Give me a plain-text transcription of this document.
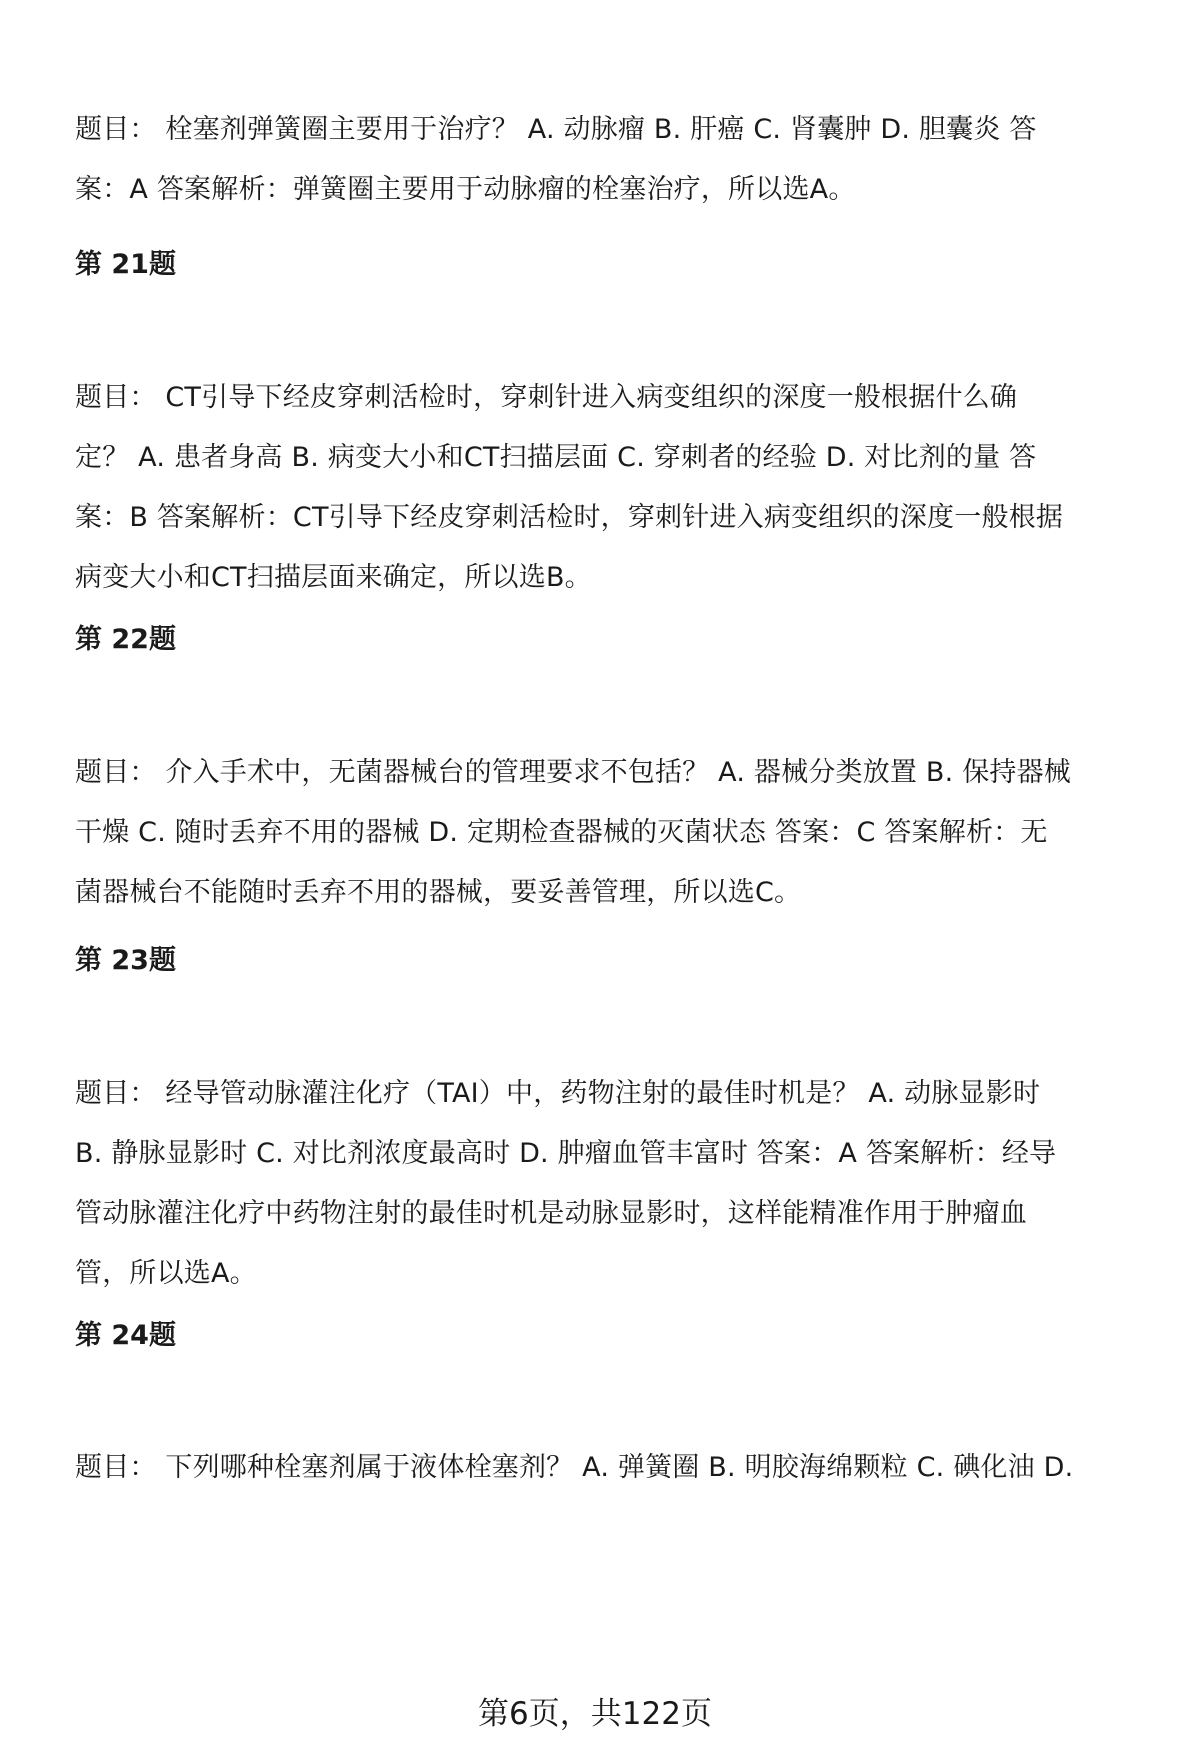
题目： 栓塞剂弹簧圈主要用于治疗？ A. 动脉瘤 B. 肝癌 C. 肾囊肿 D. 胆囊炎 答
案：A 答案解析：弹簧圈主要用于动脉瘤的栓塞治疗，所以选A。

第 21题

题目： CT引导下经皮穿刺活检时，穿刺针进入病变组织的深度一般根据什么确
定？ A. 患者身高 B. 病变大小和CT扫描层面 C. 穿刺者的经验 D. 对比剂的量 答
案：B 答案解析：CT引导下经皮穿刺活检时，穿刺针进入病变组织的深度一般根据
病变大小和CT扫描层面来确定，所以选B。

第 22题

题目： 介入手术中，无菌器械台的管理要求不包括？ A. 器械分类放置 B. 保持器械
干燥 C. 随时丢弃不用的器械 D. 定期检查器械的灭菌状态 答案：C 答案解析：无
菌器械台不能随时丢弃不用的器械，要妥善管理，所以选C。

第 23题

题目： 经导管动脉灌注化疗（TAI）中，药物注射的最佳时机是？ A. 动脉显影时
B. 静脉显影时 C. 对比剂浓度最高时 D. 肿瘤血管丰富时 答案：A 答案解析：经导
管动脉灌注化疗中药物注射的最佳时机是动脉显影时，这样能精准作用于肿瘤血
管，所以选A。

第 24题

题目： 下列哪种栓塞剂属于液体栓塞剂？ A. 弹簧圈 B. 明胶海绵颗粒 C. 碘化油 D.

第6页，共122页
